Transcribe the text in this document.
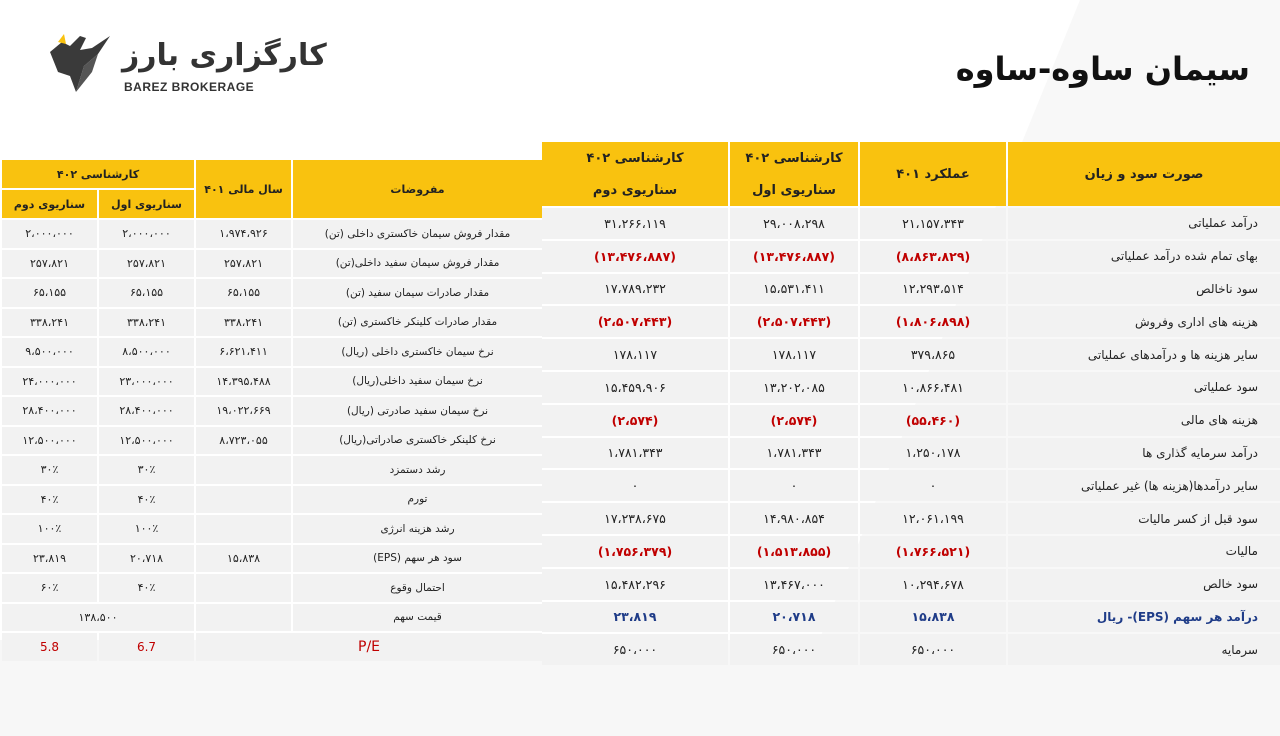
کارگزاری بارز
BAREZ BROKERAGE	سیمان ساوه-ساوه
کارشناسی ۴۰۲		سال مالی ۴۰۱	مفروضات
سناریوی دوم	سناریوی اول		
۲،۰۰۰،۰۰۰	۲،۰۰۰،۰۰۰	۱،۹۷۴،۹۲۶	مقدار فروش سیمان خاکستری داخلی (تن)
۲۵۷،۸۲۱	۲۵۷،۸۲۱	۲۵۷،۸۲۱	مقدار فروش سیمان سفید داخلی(تن)
۶۵،۱۵۵	۶۵،۱۵۵	۶۵،۱۵۵	مقدار صادرات سیمان سفید (تن)
۳۳۸،۲۴۱	۳۳۸،۲۴۱	۳۳۸،۲۴۱	مقدار صادرات کلینکر خاکستری (تن)
۹،۵۰۰،۰۰۰	۸،۵۰۰،۰۰۰	۶،۶۲۱،۴۱۱	نرخ سیمان خاکستری داخلی (ریال)
۲۴،۰۰۰،۰۰۰	۲۳،۰۰۰،۰۰۰	۱۴،۳۹۵،۴۸۸	نرخ سیمان سفید داخلی(ریال)
۲۸،۴۰۰،۰۰۰	۲۸،۴۰۰،۰۰۰	۱۹،۰۲۲،۶۶۹	نرخ سیمان سفید صادرتی (ریال)
۱۲،۵۰۰،۰۰۰	۱۲،۵۰۰،۰۰۰	۸،۷۲۳،۰۵۵	نرخ کلینکر خاکستری صادراتی(ریال)
۳۰٪	۳۰٪		رشد دستمزد
۴۰٪	۴۰٪		تورم
۱۰۰٪	۱۰۰٪		رشد هزینه انرژی
۲۳،۸۱۹	۲۰،۷۱۸	۱۵،۸۳۸	سود هر سهم (EPS)
۶۰٪	۴۰٪		احتمال وقوع
۱۳۸،۵۰۰			قیمت سهم
5.8	6.7	P/E	
کارشناسی ۴۰۲
سناریوی دوم	کارشناسی ۴۰۲
سناریوی اول	عملکرد ۴۰۱	صورت سود و زیان
۳۱،۲۶۶،۱۱۹	۲۹،۰۰۸،۲۹۸	۲۱،۱۵۷،۳۴۳	درآمد عملیاتی
(۱۳،۴۷۶،۸۸۷)	(۱۳،۴۷۶،۸۸۷)	(۸،۸۶۳،۸۲۹)	بهای تمام شده درآمد عملیاتی
۱۷،۷۸۹،۲۳۲	۱۵،۵۳۱،۴۱۱	۱۲،۲۹۳،۵۱۴	سود ناخالص
(۲،۵۰۷،۴۴۳)	(۲،۵۰۷،۴۴۳)	(۱،۸۰۶،۸۹۸)	هزینه های اداری وفروش
۱۷۸،۱۱۷	۱۷۸،۱۱۷	۳۷۹،۸۶۵	سایر هزینه ها و درآمدهای عملیاتی
۱۵،۴۵۹،۹۰۶	۱۳،۲۰۲،۰۸۵	۱۰،۸۶۶،۴۸۱	سود عملیاتی
(۲،۵۷۴)	(۲،۵۷۴)	(۵۵،۴۶۰)	هزینه های مالی
۱،۷۸۱،۳۴۳	۱،۷۸۱،۳۴۳	۱،۲۵۰،۱۷۸	درآمد سرمایه گذاری ها
۰	۰	۰	سایر درآمدها(هزینه ها) غیر عملیاتی
۱۷،۲۳۸،۶۷۵	۱۴،۹۸۰،۸۵۴	۱۲،۰۶۱،۱۹۹	سود قبل از کسر مالیات
(۱،۷۵۶،۳۷۹)	(۱،۵۱۳،۸۵۵)	(۱،۷۶۶،۵۲۱)	مالیات
۱۵،۴۸۲،۲۹۶	۱۳،۴۶۷،۰۰۰	۱۰،۲۹۴،۶۷۸	سود خالص
۲۳،۸۱۹	۲۰،۷۱۸	۱۵،۸۳۸	درآمد هر سهم (EPS)- ریال
۶۵۰،۰۰۰	۶۵۰،۰۰۰	۶۵۰،۰۰۰	سرمایه
